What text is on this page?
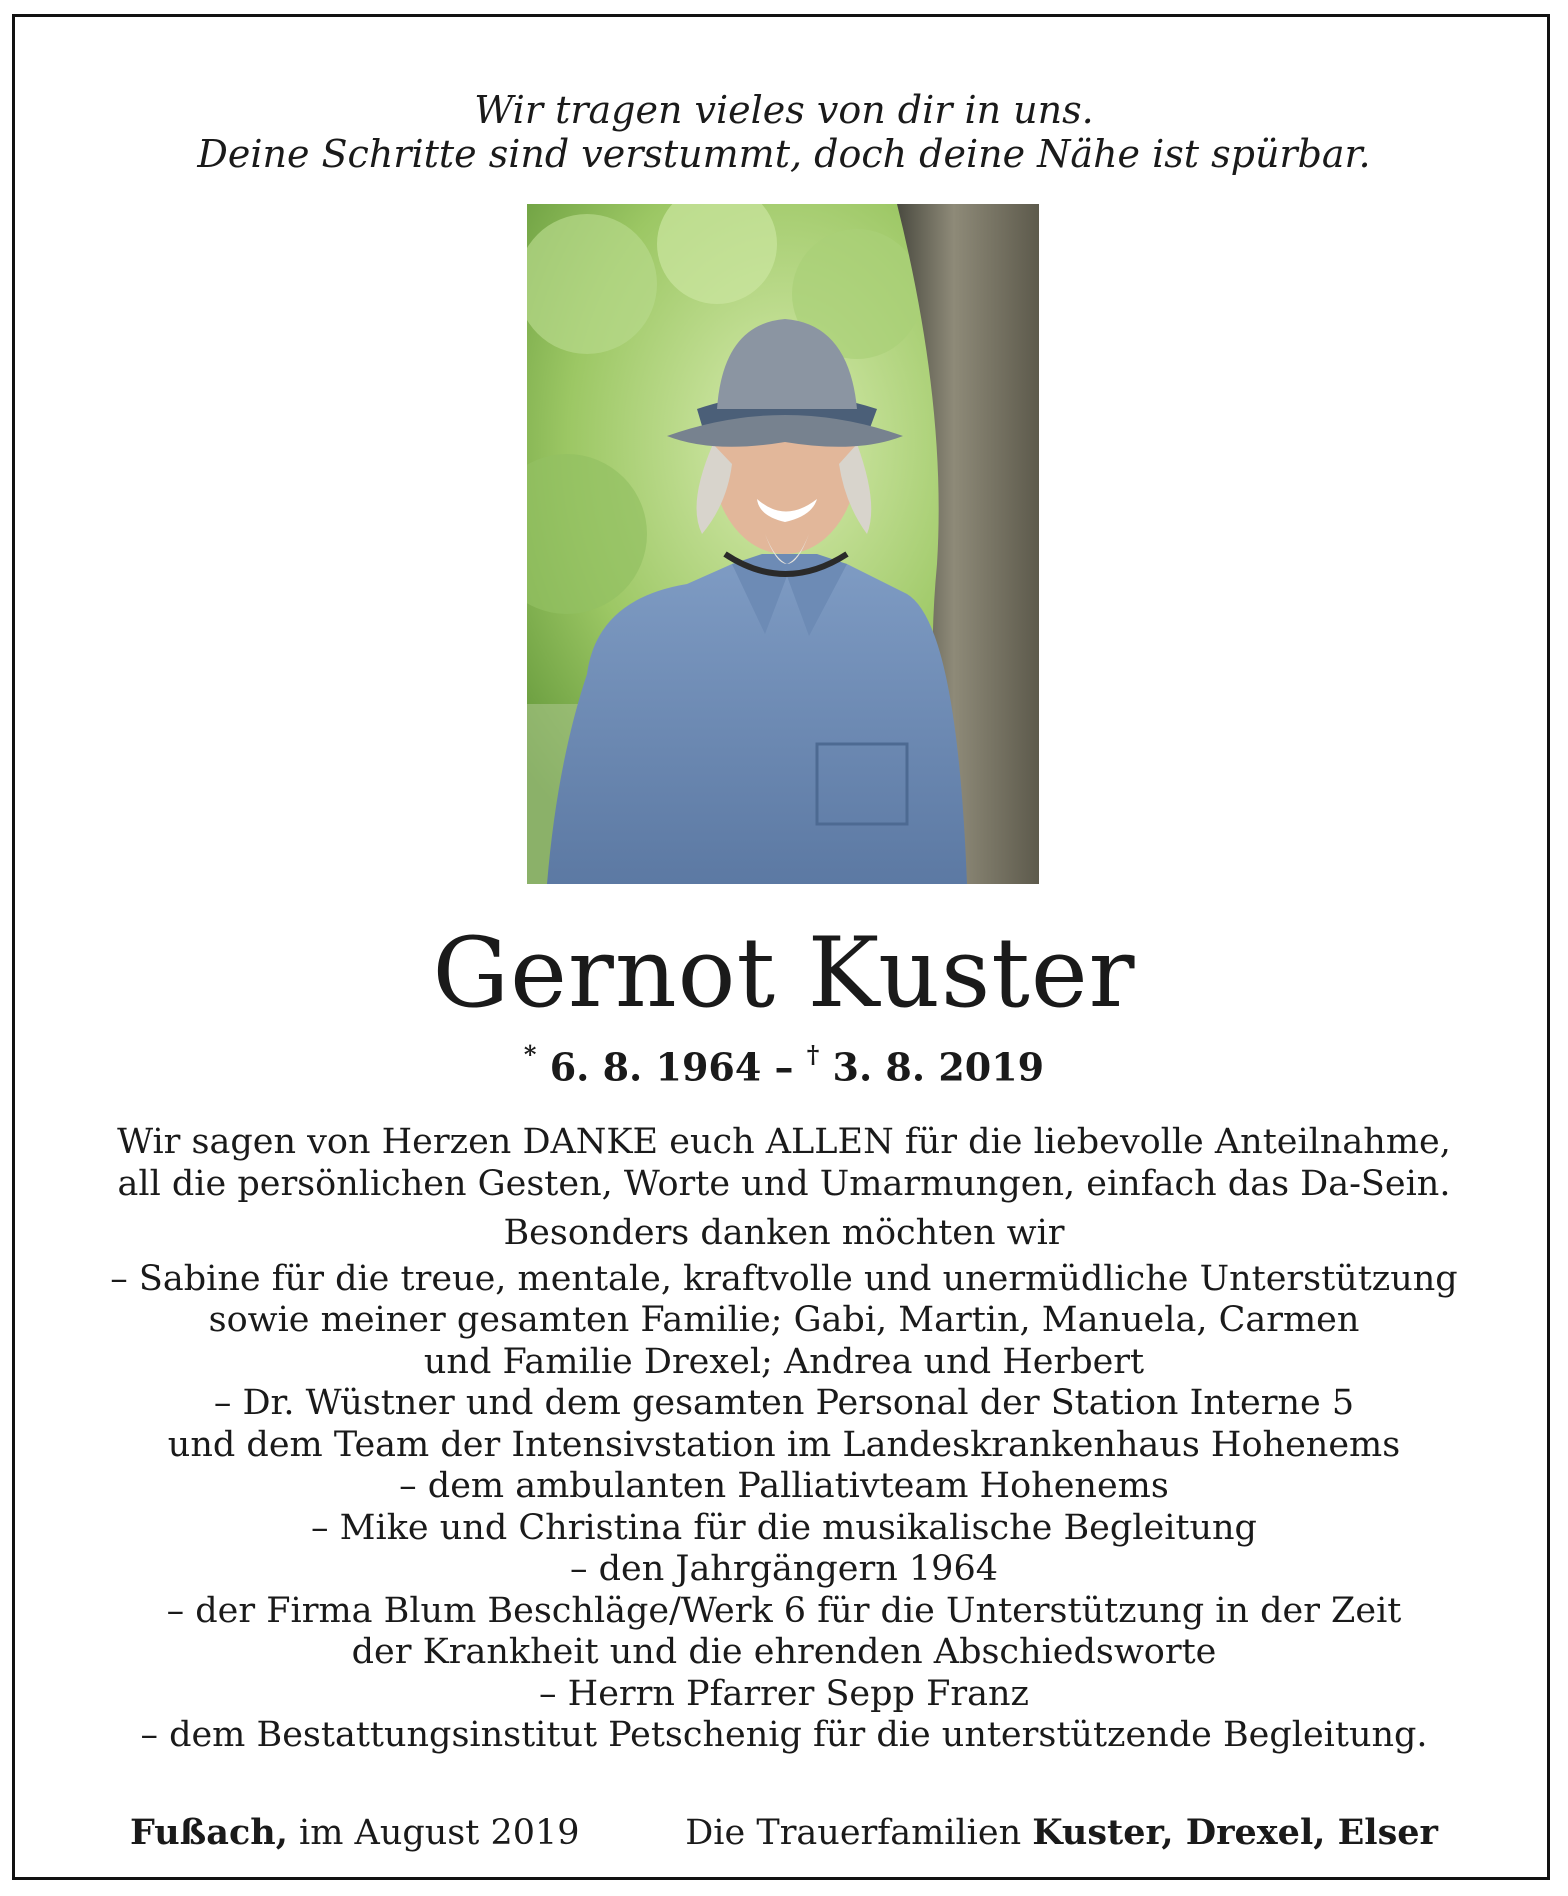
Wir tragen vieles von dir in uns.
Deine Schritte sind verstummt, doch deine Nähe ist spürbar.
Gernot Kuster
* 6. 8. 1964 – † 3. 8. 2019
Wir sagen von Herzen DANKE euch ALLEN für die liebevolle Anteilnahme,
all die persönlichen Gesten, Worte und Umarmungen, einfach das Da-Sein.
Besonders danken möchten wir
– Sabine für die treue, mentale, kraftvolle und unermüdliche Unterstützung
sowie meiner gesamten Familie; Gabi, Martin, Manuela, Carmen
und Familie Drexel; Andrea und Herbert
– Dr. Wüstner und dem gesamten Personal der Station Interne 5
und dem Team der Intensivstation im Landeskrankenhaus Hohenems
– dem ambulanten Palliativteam Hohenems
– Mike und Christina für die musikalische Begleitung
– den Jahrgängern 1964
– der Firma Blum Beschläge/Werk 6 für die Unterstützung in der Zeit
der Krankheit und die ehrenden Abschiedsworte
– Herrn Pfarrer Sepp Franz
– dem Bestattungsinstitut Petschenig für die unterstützende Begleitung.
Fußach, im August 2019	Die Trauerfamilien Kuster, Drexel, Elser
